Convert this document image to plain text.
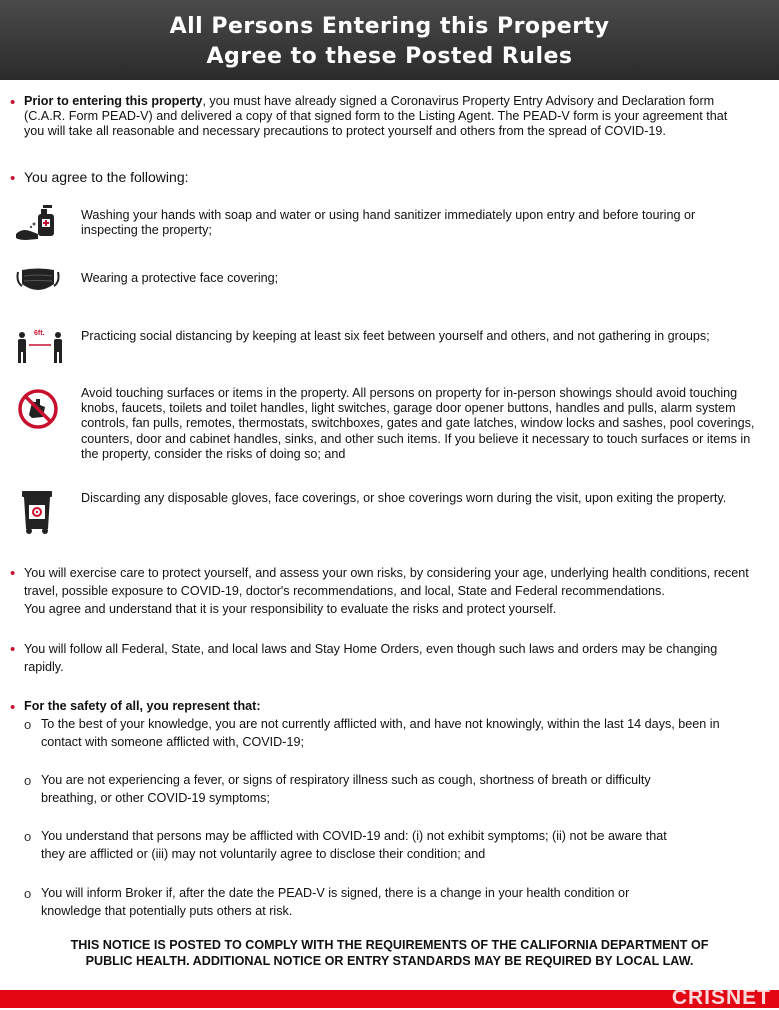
All Persons Entering this Property
Agree to these Posted Rules
• Prior to entering this property, you must have already signed a Coronavirus Property Entry Advisory and Declaration form (C.A.R. Form PEAD-V) and delivered a copy of that signed form to the Listing Agent. The PEAD-V form is your agreement that you will take all reasonable and necessary precautions to protect yourself and others from the spread of COVID-19.
• You agree to the following:
Washing your hands with soap and water or using hand sanitizer immediately upon entry and before touring or inspecting the property;
Wearing a protective face covering;
6ft.	Practicing social distancing by keeping at least six feet between yourself and others, and not gathering in groups;
Avoid touching surfaces or items in the property. All persons on property for in-person showings should avoid touching knobs, faucets, toilets and toilet handles, light switches, garage door opener buttons, handles and pulls, alarm system controls, fan pulls, remotes, thermostats, switchboxes, gates and gate latches, window locks and sashes, pool coverings, counters, door and cabinet handles, sinks, and other such items. If you believe it necessary to touch surfaces or items in the property, consider the risks of doing so; and
Discarding any disposable gloves, face coverings, or shoe coverings worn during the visit, upon exiting the property.
• You will exercise care to protect yourself, and assess your own risks, by considering your age, underlying health conditions, recent travel, possible exposure to COVID-19, doctor's recommendations, and local, State and Federal recommendations.
You agree and understand that it is your responsibility to evaluate the risks and protect yourself.
• You will follow all Federal, State, and local laws and Stay Home Orders, even though such laws and orders may be changing rapidly.
• For the safety of all, you represent that:
o To the best of your knowledge, you are not currently afflicted with, and have not knowingly, within the last 14 days, been in contact with someone afflicted with, COVID-19;
o You are not experiencing a fever, or signs of respiratory illness such as cough, shortness of breath or difficulty breathing, or other COVID-19 symptoms;
o You understand that persons may be afflicted with COVID-19 and: (i) not exhibit symptoms; (ii) not be aware that they are afflicted or (iii) may not voluntarily agree to disclose their condition; and
o You will inform Broker if, after the date the PEAD-V is signed, there is a change in your health condition or knowledge that potentially puts others at risk.
THIS NOTICE IS POSTED TO COMPLY WITH THE REQUIREMENTS OF THE CALIFORNIA DEPARTMENT OF
PUBLIC HEALTH. ADDITIONAL NOTICE OR ENTRY STANDARDS MAY BE REQUIRED BY LOCAL LAW.
CRISNET
